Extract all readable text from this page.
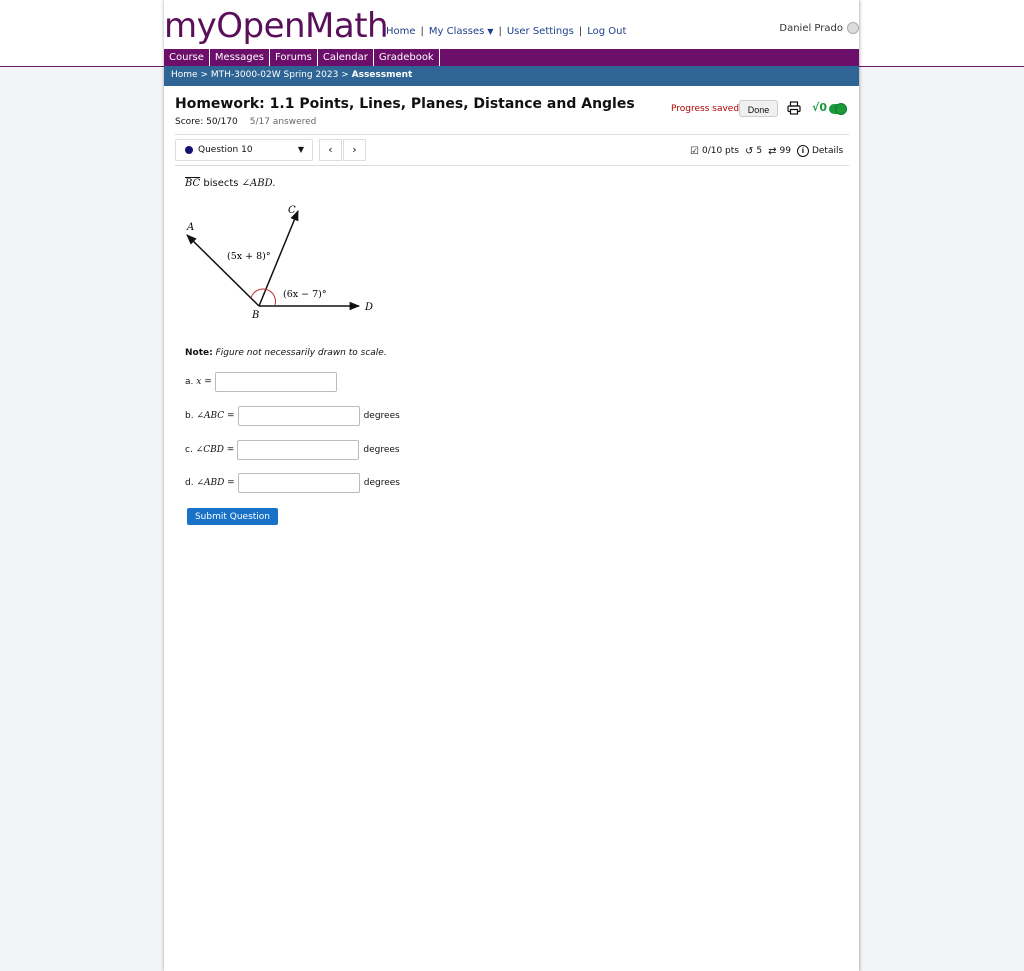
myOpenMath
Home | My Classes ▼ | User Settings | Log Out	Daniel Prado
Course	Messages	Forums	Calendar	Gradebook
Home > MTH-3000-02W Spring 2023 > Assessment
Homework: 1.1 Points, Lines, Planes, Distance and Angles
Score: 50/170 5/17 answered
Progress saved Done	√0
Question 10	▼	‹	›	☑ 0/10 pts ↺ 5 ⇄ 99	i Details
$\overline{BC}$ bisects ∠ABD.
A
C
B
D
(5x + 8)°
(6x − 7)°
Note: Figure not necessarily drawn to scale.
a.
x =
b.
∠ABC =	degrees
c.
∠CBD =	degrees
d.
∠ABD =	degrees
Submit Question
